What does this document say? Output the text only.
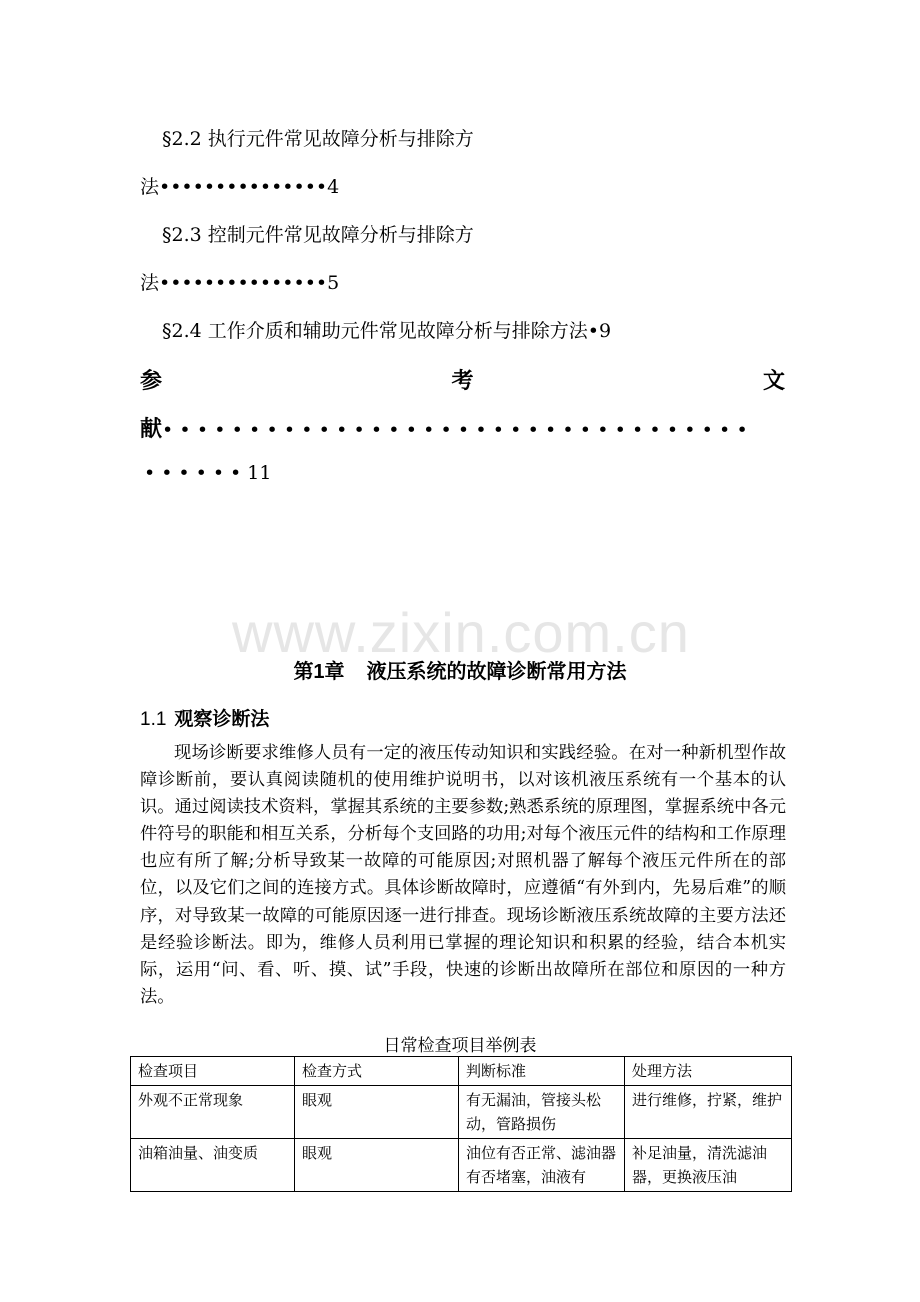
§2.2 执行元件常见故障分析与排除方
法•••••••••••••••4
§2.3 控制元件常见故障分析与排除方
法•••••••••••••••5
§2.4 工作介质和辅助元件常见故障分析与排除方法•9
参	考	文
献••••••••••••••••••••••••••••••••••
••••••11
www.zixin.com.cn
第1章 液压系统的故障诊断常用方法
1.1 观察诊断法

现场诊断要求维修人员有一定的液压传动知识和实践经验。在对一种新机型作故障诊断前，要认真阅读随机的使用维护说明书，以对该机液压系统有一个基本的认识。通过阅读技术资料，掌握其系统的主要参数;熟悉系统的原理图，掌握系统中各元件符号的职能和相互关系，分析每个支回路的功用;对每个液压元件的结构和工作原理也应有所了解;分析导致某一故障的可能原因;对照机器了解每个液压元件所在的部位，以及它们之间的连接方式。具体诊断故障时，应遵循“有外到内，先易后难”的顺序，对导致某一故障的可能原因逐一进行排查。现场诊断液压系统故障的主要方法还是经验诊断法。即为，维修人员利用已掌握的理论知识和积累的经验，结合本机实际，运用“问、看、听、摸、试”手段，快速的诊断出故障所在部位和原因的一种方法。

日常检查项目举例表
检查项目	检查方式	判断标准	处理方法
外观不正常现象	眼观	有无漏油，管接头松动，管路损伤	进行维修，拧紧，维护
油箱油量、油变质	眼观	油位有否正常、滤油器有否堵塞，油液有	补足油量，清洗滤油器，更换液压油
